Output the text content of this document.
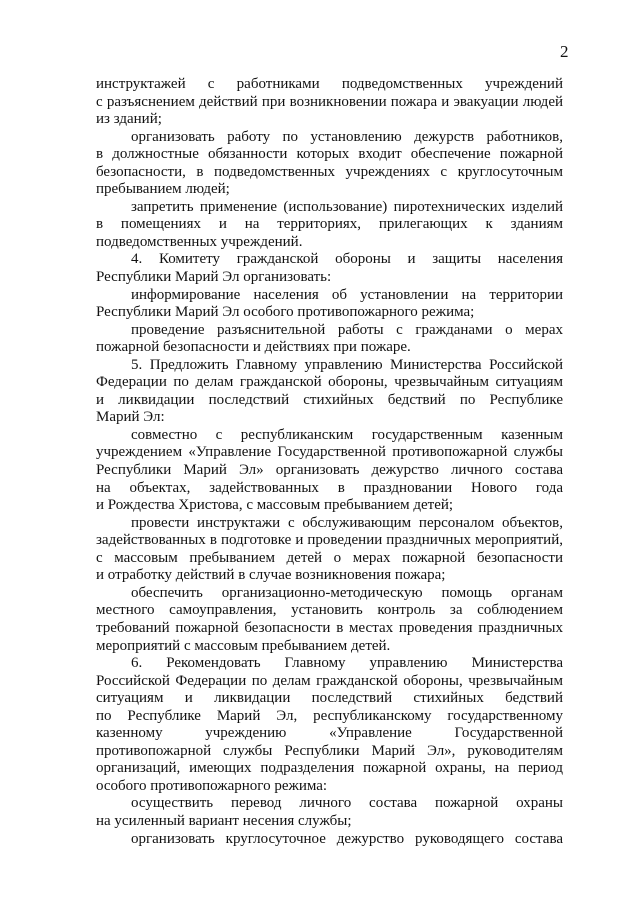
2
инструктажей с работниками подведомственных учреждений
с разъяснением действий при возникновении пожара и эвакуации людей
из зданий;
организовать работу по установлению дежурств работников,
в должностные обязанности которых входит обеспечение пожарной
безопасности, в подведомственных учреждениях с круглосуточным
пребыванием людей;
запретить применение (использование) пиротехнических изделий
в помещениях и на территориях, прилегающих к зданиям
подведомственных учреждений.
4. Комитету гражданской обороны и защиты населения
Республики Марий Эл организовать:
информирование населения об установлении на территории
Республики Марий Эл особого противопожарного режима;
проведение разъяснительной работы с гражданами о мерах
пожарной безопасности и действиях при пожаре.
5. Предложить Главному управлению Министерства Российской
Федерации по делам гражданской обороны, чрезвычайным ситуациям
и ликвидации последствий стихийных бедствий по Республике
Марий Эл:
совместно с республиканским государственным казенным
учреждением «Управление Государственной противопожарной службы
Республики Марий Эл» организовать дежурство личного состава
на объектах, задействованных в праздновании Нового года
и Рождества Христова, с массовым пребыванием детей;
провести инструктажи с обслуживающим персоналом объектов,
задействованных в подготовке и проведении праздничных мероприятий,
с массовым пребыванием детей о мерах пожарной безопасности
и отработку действий в случае возникновения пожара;
обеспечить организационно-методическую помощь органам
местного самоуправления, установить контроль за соблюдением
требований пожарной безопасности в местах проведения праздничных
мероприятий с массовым пребыванием детей.
6. Рекомендовать Главному управлению Министерства
Российской Федерации по делам гражданской обороны, чрезвычайным
ситуациям и ликвидации последствий стихийных бедствий
по Республике Марий Эл, республиканскому государственному
казенному учреждению «Управление Государственной
противопожарной службы Республики Марий Эл», руководителям
организаций, имеющих подразделения пожарной охраны, на период
особого противопожарного режима:
осуществить перевод личного состава пожарной охраны
на усиленный вариант несения службы;
организовать круглосуточное дежурство руководящего состава
